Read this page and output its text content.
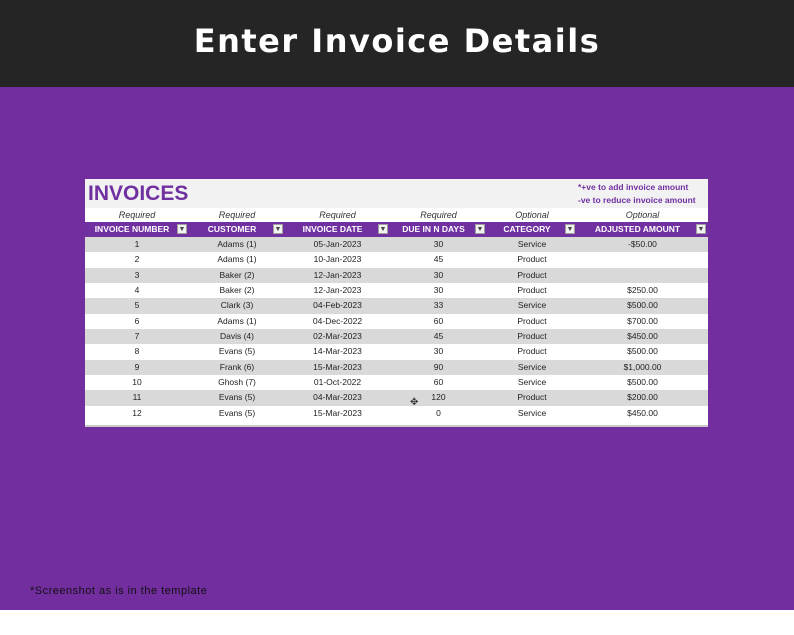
Enter Invoice Details
INVOICES	*+ve to add invoice amount
-ve to reduce invoice amount
Required	Required	Required	Required	Optional	Optional
INVOICE NUMBER ▼	CUSTOMER	▼	INVOICE DATE ▼	DUE IN N DAYS ▼	CATEGORY ▼	ADJUSTED AMOUNT ▼
1	Adams (1)	05-Jan-2023	30	Service	-$50.00
2	Adams (1)	10-Jan-2023	45	Product
3	Baker (2)	12-Jan-2023	30	Product
4	Baker (2)	12-Jan-2023	30	Product	$250.00
5	Clark (3)	04-Feb-2023	33	Service	$500.00
6	Adams (1)	04-Dec-2022	60	Product	$700.00
7	Davis (4)	02-Mar-2023	45	Product	$450.00
8	Evans (5)	14-Mar-2023	30	Product	$500.00
9	Frank (6)	15-Mar-2023	90	Service	$1,000.00
10	Ghosh (7)	01-Oct-2022	60	Service	$500.00
11	Evans (5)	04-Mar-2023	120	Product	$200.00
12	Evans (5)	15-Mar-2023	0	Service	$450.00
✥
*Screenshot as is in the template
